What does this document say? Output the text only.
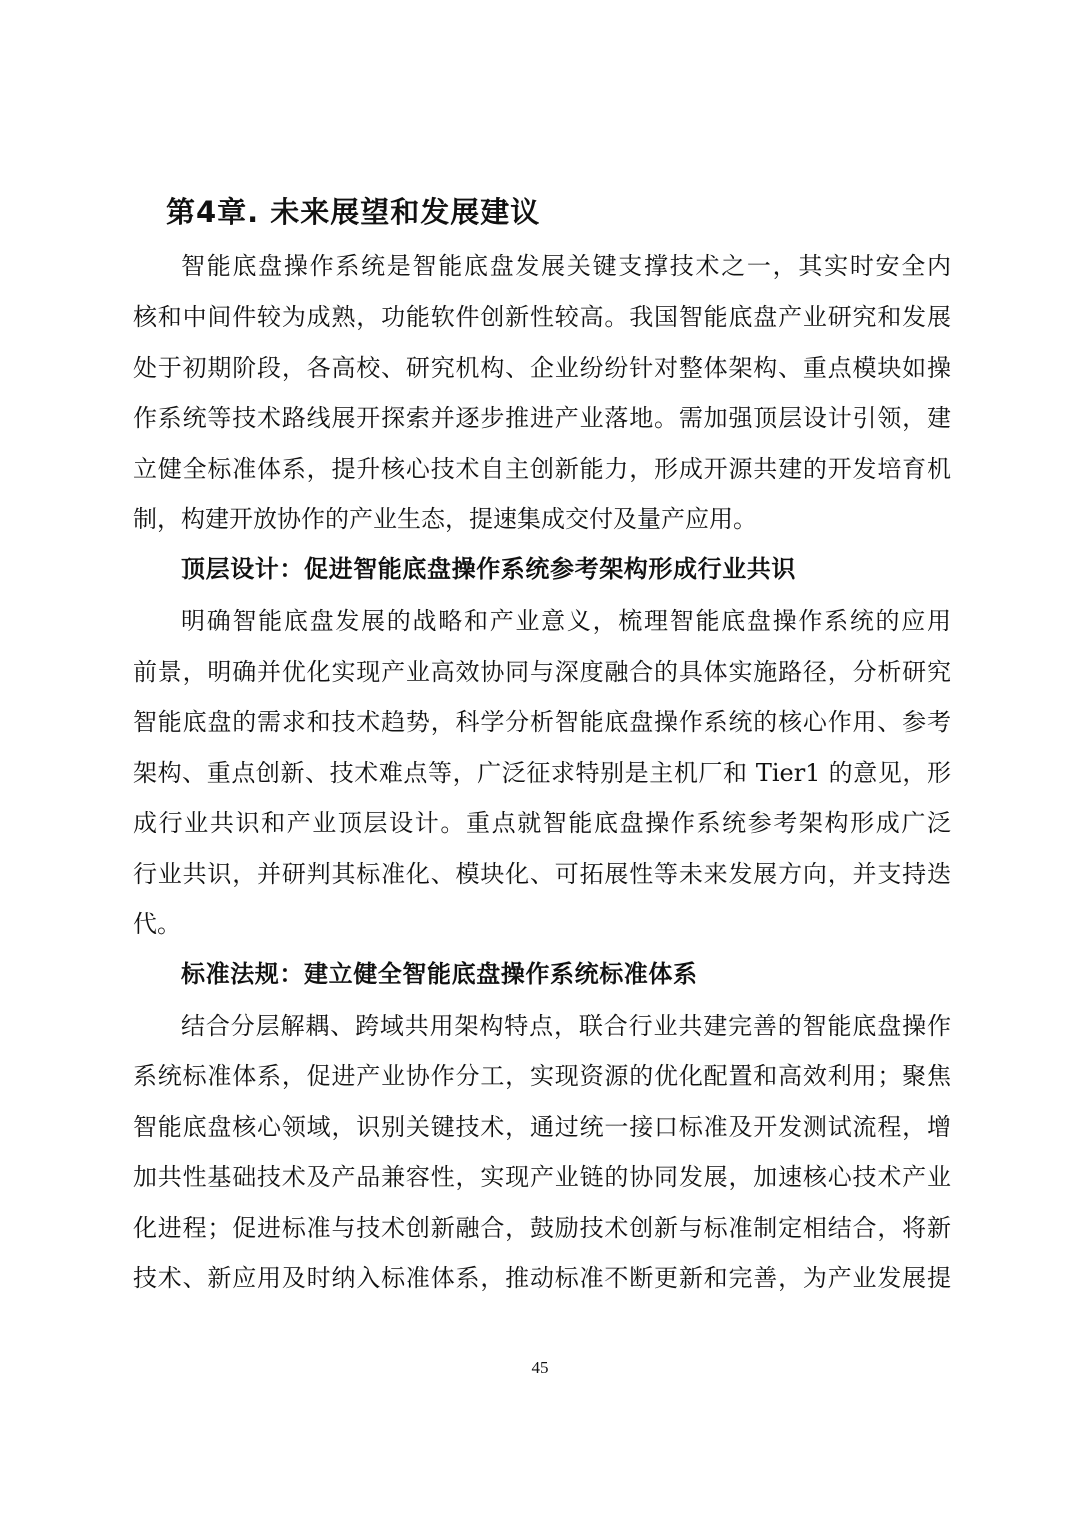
第4章. 未来展望和发展建议
智能底盘操作系统是智能底盘发展关键支撑技术之一，其实时安全内
核和中间件较为成熟，功能软件创新性较高。我国智能底盘产业研究和发展
处于初期阶段，各高校、研究机构、企业纷纷针对整体架构、重点模块如操
作系统等技术路线展开探索并逐步推进产业落地。需加强顶层设计引领，建
立健全标准体系，提升核心技术自主创新能力，形成开源共建的开发培育机
制，构建开放协作的产业生态，提速集成交付及量产应用。
顶层设计：促进智能底盘操作系统参考架构形成行业共识
明确智能底盘发展的战略和产业意义，梳理智能底盘操作系统的应用
前景，明确并优化实现产业高效协同与深度融合的具体实施路径，分析研究
智能底盘的需求和技术趋势，科学分析智能底盘操作系统的核心作用、参考
架构、重点创新、技术难点等，广泛征求特别是主机厂和 Tier1 的意见，形
成行业共识和产业顶层设计。重点就智能底盘操作系统参考架构形成广泛
行业共识，并研判其标准化、模块化、可拓展性等未来发展方向，并支持迭
代。
标准法规：建立健全智能底盘操作系统标准体系
结合分层解耦、跨域共用架构特点，联合行业共建完善的智能底盘操作
系统标准体系，促进产业协作分工，实现资源的优化配置和高效利用；聚焦
智能底盘核心领域，识别关键技术，通过统一接口标准及开发测试流程，增
加共性基础技术及产品兼容性，实现产业链的协同发展，加速核心技术产业
化进程；促进标准与技术创新融合，鼓励技术创新与标准制定相结合，将新
技术、新应用及时纳入标准体系，推动标准不断更新和完善，为产业发展提
45
